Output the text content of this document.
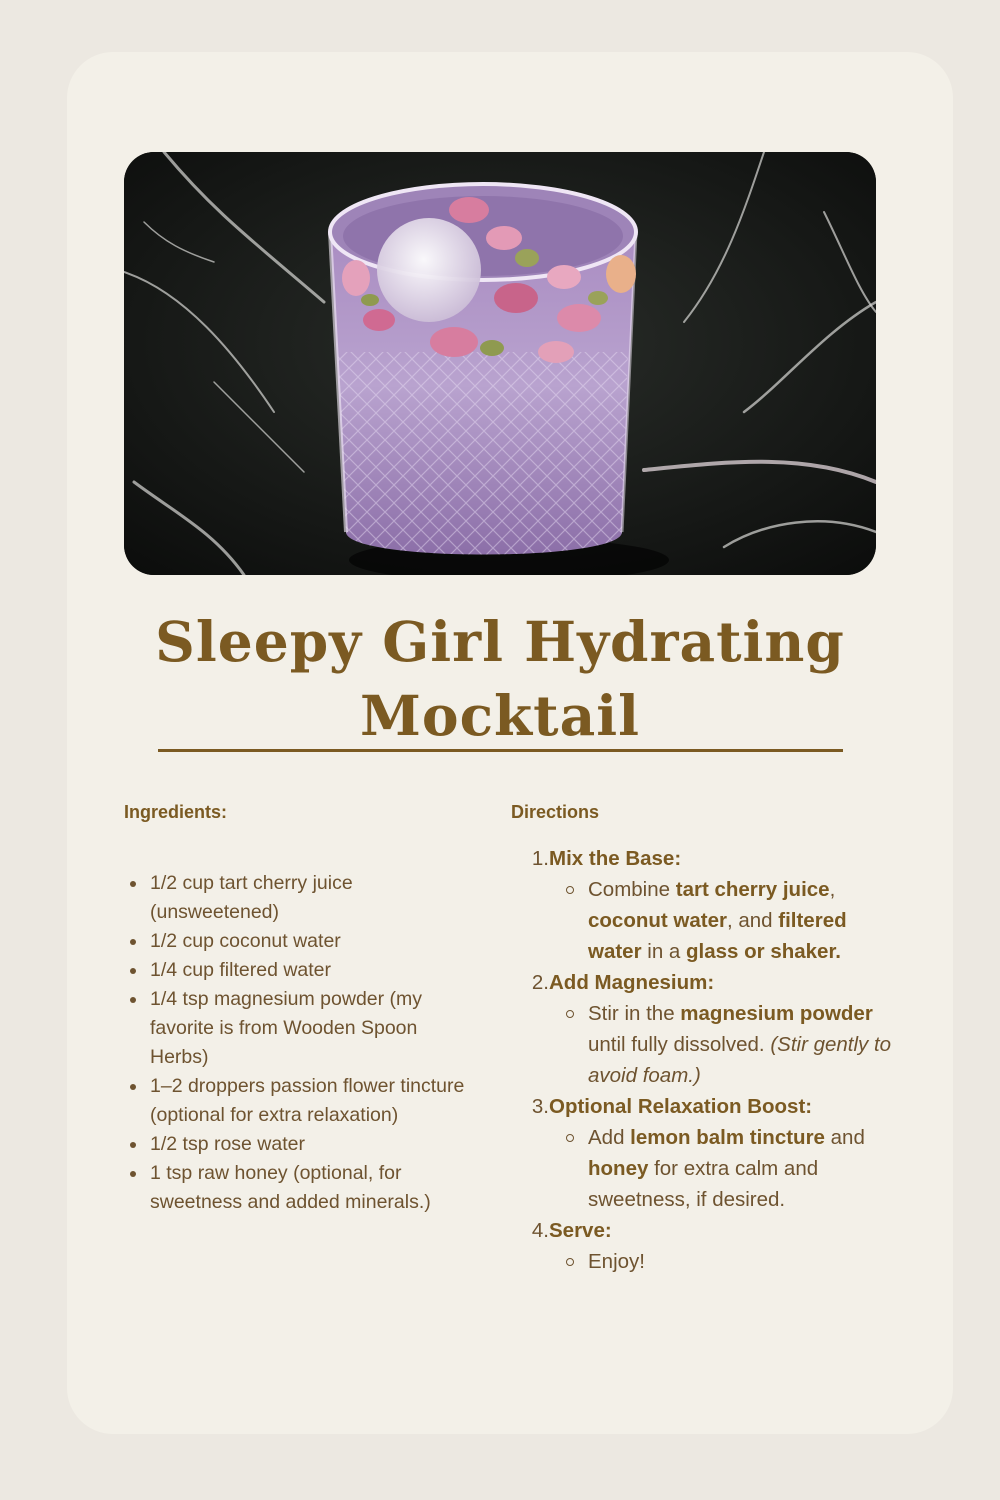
Sleepy Girl Hydrating
Mocktail
Ingredients:
1/2 cup tart cherry juice (unsweetened)
1/2 cup coconut water
1/4 cup filtered water
1/4 tsp magnesium powder (my favorite is from Wooden Spoon Herbs)
1–2 droppers passion flower tincture (optional for extra relaxation)
1/2 tsp rose water
1 tsp raw honey (optional, for sweetness and added minerals.)
Directions
1 . Mix the Base:
Combine tart cherry juice, coconut water, and filtered water in a glass or shaker.
2 . Add Magnesium:
Stir in the magnesium powder until fully dissolved. (Stir gently to avoid foam.)
3 . Optional Relaxation Boost:
Add lemon balm tincture and honey for extra calm and sweetness, if desired.
4 . Serve:
Enjoy!
